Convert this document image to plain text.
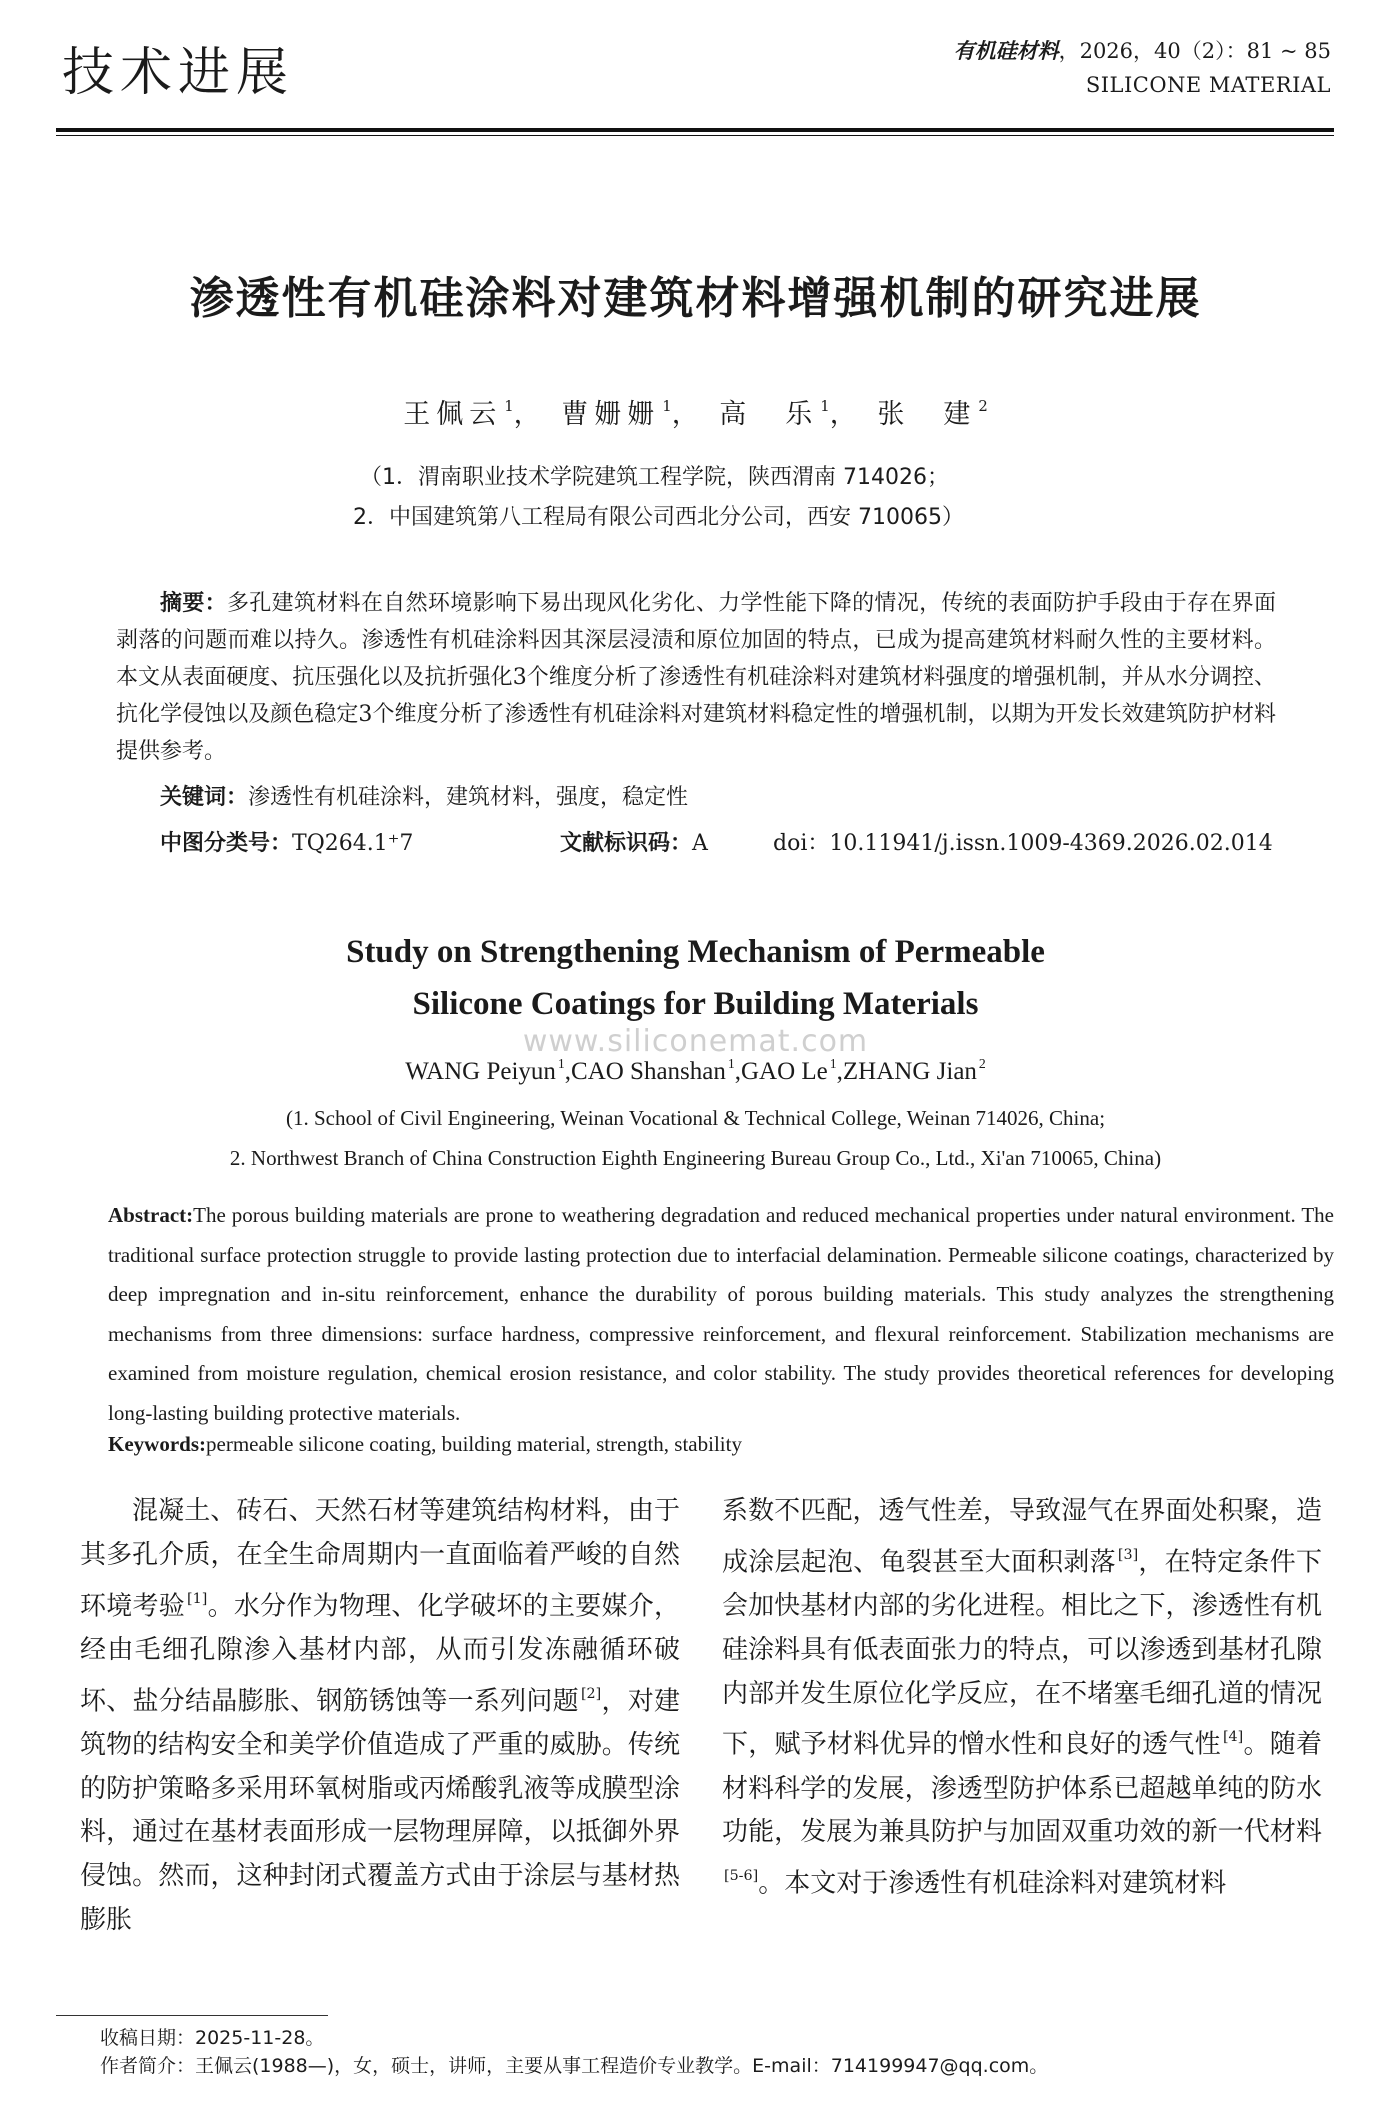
技术进展	有机硅材料，2026，40（2）：81 ~ 85
SILICONE MATERIAL
渗透性有机硅涂料对建筑材料增强机制的研究进展
王佩云 $^1$， 曹姗姗 $^1$， 高　乐 $^1$， 张　建 $^2$
（1．渭南职业技术学院建筑工程学院，陕西渭南 714026；
2．中国建筑第八工程局有限公司西北分公司，西安 710065）
摘要：多孔建筑材料在自然环境影响下易出现风化劣化、力学性能下降的情况，传统的表面防护手段由于存在界面剥落的问题而难以持久。渗透性有机硅涂料因其深层浸渍和原位加固的特点，已成为提高建筑材料耐久性的主要材料。本文从表面硬度、抗压强化以及抗折强化3个维度分析了渗透性有机硅涂料对建筑材料强度的增强机制，并从水分调控、抗化学侵蚀以及颜色稳定3个维度分析了渗透性有机硅涂料对建筑材料稳定性的增强机制，以期为开发长效建筑防护材料提供参考。
关键词：渗透性有机硅涂料，建筑材料，强度，稳定性
中图分类号：TQ264.1⁺7	文献标识码：A	doi：10.11941/j.issn.1009-4369.2026.02.014
Study on Strengthening Mechanism of Permeable
Silicone Coatings for Building Materials
www.siliconemat.com
WANG Peiyun $^1$,CAO Shanshan $^1$,GAO Le $^1$,ZHANG Jian $^2$
(1. School of Civil Engineering, Weinan Vocational & Technical College, Weinan 714026, China;
2. Northwest Branch of China Construction Eighth Engineering Bureau Group Co., Ltd., Xi'an 710065, China)
Abstract:The porous building materials are prone to weathering degradation and reduced mechanical properties under natural environment. The traditional surface protection struggle to provide lasting protection due to interfacial delamination. Permeable silicone coatings, characterized by deep impregnation and in-situ reinforcement, enhance the durability of porous building materials. This study analyzes the strengthening mechanisms from three dimensions: surface hardness, compressive reinforcement, and flexural reinforcement. Stabilization mechanisms are examined from moisture regulation, chemical erosion resistance, and color stability. The study provides theoretical references for developing long-lasting building protective materials.
Keywords:permeable silicone coating, building material, strength, stability
混凝土、砖石、天然石材等建筑结构材料，由于其多孔介质，在全生命周期内一直面临着严峻的自然环境考验 [1]。水分作为物理、化学破坏的主要媒介，经由毛细孔隙渗入基材内部，从而引发冻融循环破坏、盐分结晶膨胀、钢筋锈蚀等一系列问题 [2]，对建筑物的结构安全和美学价值造成了严重的威胁。传统的防护策略多采用环氧树脂或丙烯酸乳液等成膜型涂料，通过在基材表面形成一层物理屏障，以抵御外界侵蚀。然而，这种封闭式覆盖方式由于涂层与基材热膨胀
系数不匹配，透气性差，导致湿气在界面处积聚，造成涂层起泡、龟裂甚至大面积剥落 [3]，在特定条件下会加快基材内部的劣化进程。相比之下，渗透性有机硅涂料具有低表面张力的特点，可以渗透到基材孔隙内部并发生原位化学反应，在不堵塞毛细孔道的情况下，赋予材料优异的憎水性和良好的透气性 [4]。随着材料科学的发展，渗透型防护体系已超越单纯的防水功能，发展为兼具防护与加固双重功效的新一代材料[5-6]。本文对于渗透性有机硅涂料对建筑材料
收稿日期：2025-11-28。
作者简介：王佩云(1988—)，女，硕士，讲师，主要从事工程造价专业教学。E-mail：714199947@qq.com。
